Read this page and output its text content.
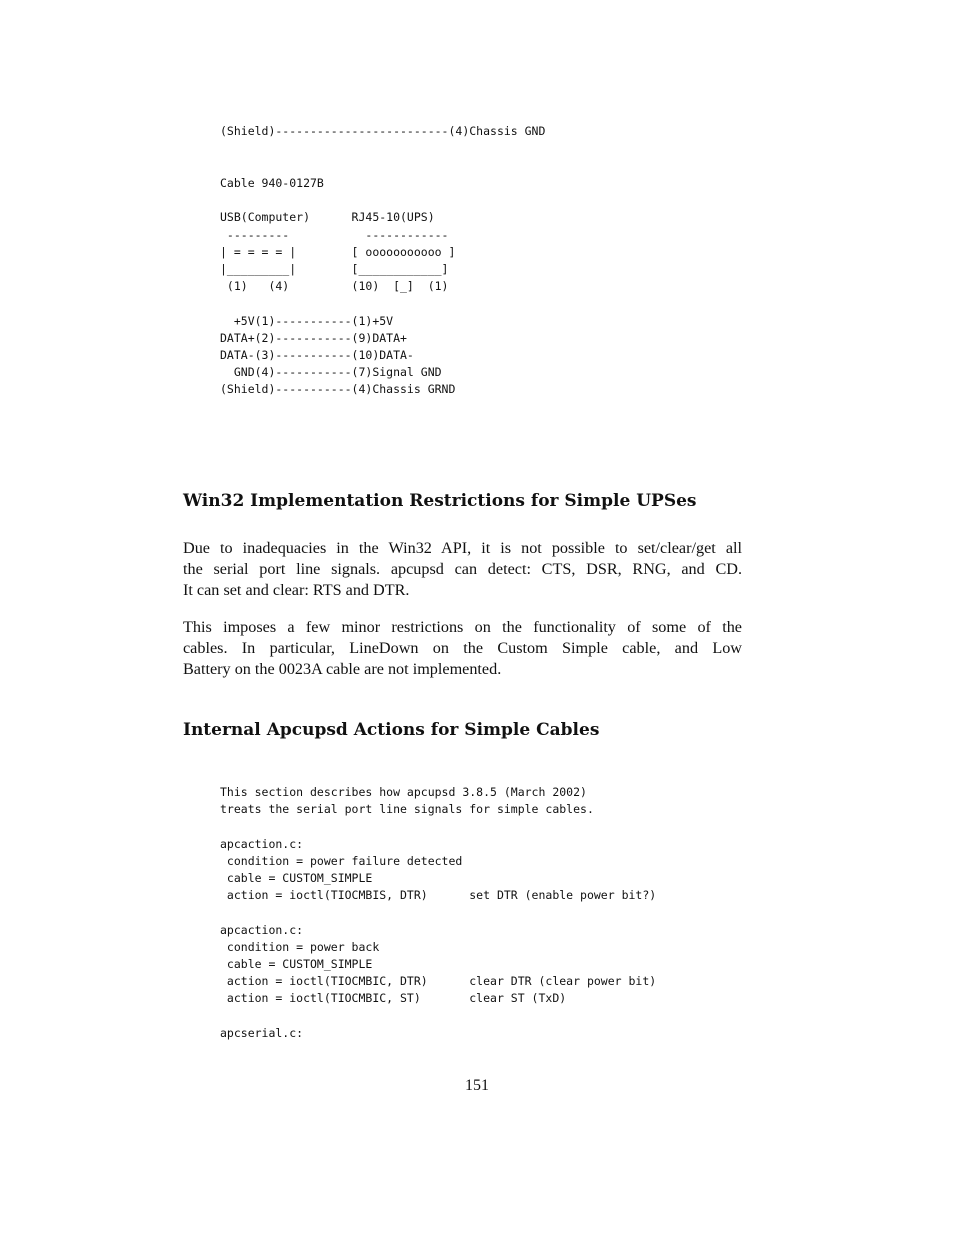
(Shield)-------------------------(4)Chassis GND
Cable 940-0127B

USB(Computer)      RJ45-10(UPS)
---------           ------------
| = = = = |        [ ooooooooooo ]
|_________|        [____________]
(1)   (4)         (10)  [_]  (1)

+5V(1)-----------(1)+5V
DATA+(2)-----------(9)DATA+
DATA-(3)-----------(10)DATA-
GND(4)-----------(7)Signal GND
(Shield)-----------(4)Chassis GRND
Win32 Implementation Restrictions for Simple UPSes

Due to inadequacies in the Win32 API, it is not possible to set/clear/get all
the serial port line signals. apcupsd can detect: CTS, DSR, RNG, and CD.
It can set and clear: RTS and DTR.

This imposes a few minor restrictions on the functionality of some of the
cables. In particular, LineDown on the Custom Simple cable, and Low
Battery on the 0023A cable are not implemented.

Internal Apcupsd Actions for Simple Cables
This section describes how apcupsd 3.8.5 (March 2002)
treats the serial port line signals for simple cables.

apcaction.c:
condition = power failure detected
cable = CUSTOM_SIMPLE
action = ioctl(TIOCMBIS, DTR)      set DTR (enable power bit?)

apcaction.c:
condition = power back
cable = CUSTOM_SIMPLE
action = ioctl(TIOCMBIC, DTR)      clear DTR (clear power bit)
action = ioctl(TIOCMBIC, ST)       clear ST (TxD)

apcserial.c:
151
